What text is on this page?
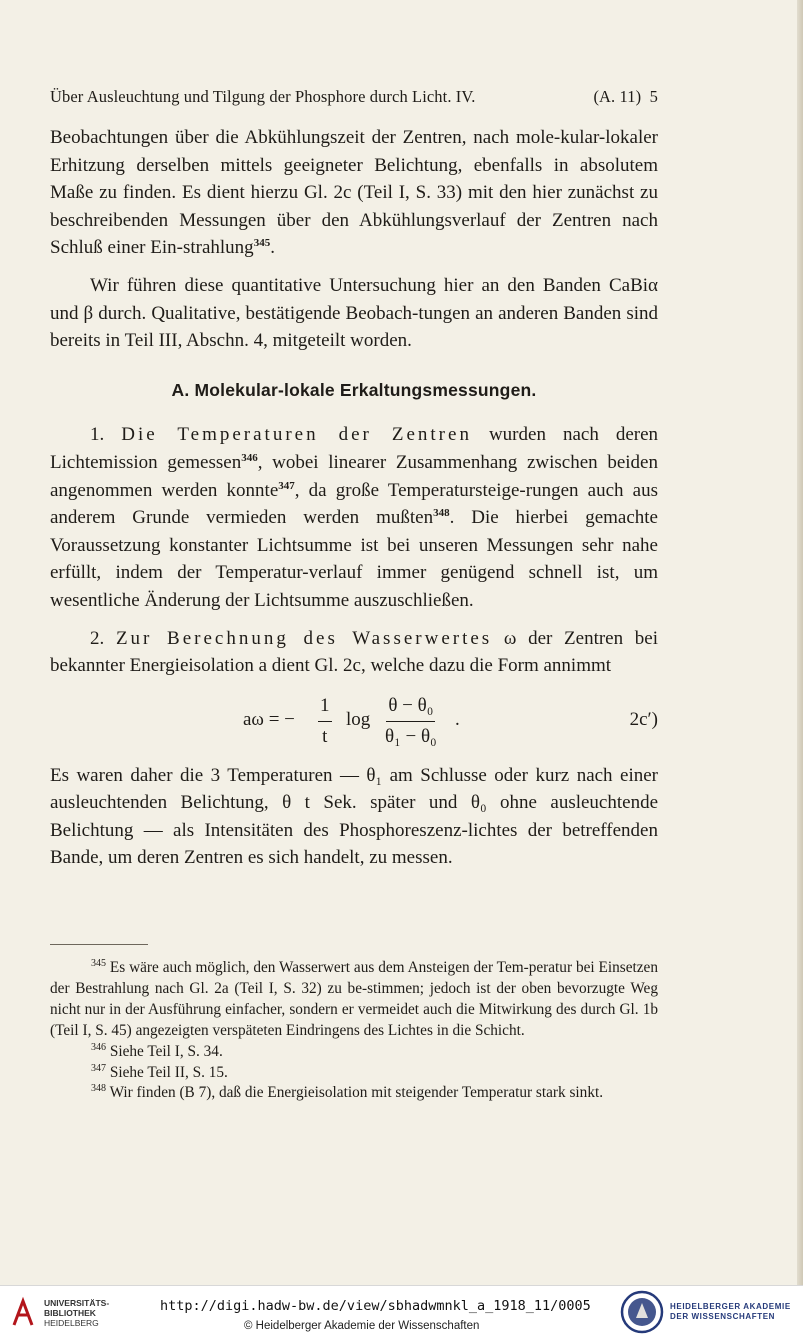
Über Ausleuchtung und Tilgung der Phosphore durch Licht. IV.	(A. 11) 5

Beobachtungen über die Abkühlungszeit der Zentren, nach mole-kular-lokaler Erhitzung derselben mittels geeigneter Belichtung, ebenfalls in absolutem Maße zu finden. Es dient hierzu Gl. 2c (Teil I, S. 33) mit den hier zunächst zu beschreibenden Messungen über den Abkühlungsverlauf der Zentren nach Schluß einer Ein-strahlung$^{345}$.

Wir führen diese quantitative Untersuchung hier an den Banden CaBiα und β durch. Qualitative, bestätigende Beobach-tungen an anderen Banden sind bereits in Teil III, Abschn. 4, mitgeteilt worden.

A. Molekular-lokale Erkaltungsmessungen.

1. Die Temperaturen der Zentren wurden nach deren Lichtemission gemessen$^{346}$, wobei linearer Zusammenhang zwischen beiden angenommen werden konnte$^{347}$, da große Temperatursteige-rungen auch aus anderem Grunde vermieden werden mußten$^{348}$. Die hierbei gemachte Voraussetzung konstanter Lichtsumme ist bei unseren Messungen sehr nahe erfüllt, indem der Temperatur-verlauf immer genügend schnell ist, um wesentliche Änderung der Lichtsumme auszuschließen.

2. Zur Berechnung des Wasserwertes ω der Zentren bei bekannter Energieisolation a dient Gl. 2c, welche dazu die Form annimmt

aω = − $\frac{1}{t}$ $\log \frac{\text{θ − θ₀}}{\text{θ₁ − θ₀}}$ .	2c′)

Es waren daher die 3 Temperaturen — θ₁ am Schlusse oder kurz nach einer ausleuchtenden Belichtung, θ t Sek. später und θ₀ ohne ausleuchtende Belichtung — als Intensitäten des Phosphoreszenz-lichtes der betreffenden Bande, um deren Zentren es sich handelt, zu messen.

$^{345}$ Es wäre auch möglich, den Wasserwert aus dem Ansteigen der Tem-peratur bei Einsetzen der Bestrahlung nach Gl. 2a (Teil I, S. 32) zu be-stimmen; jedoch ist der oben bevorzugte Weg nicht nur in der Ausführung einfacher, sondern er vermeidet auch die Mitwirkung des durch Gl. 1b (Teil I, S. 45) angezeigten verspäteten Eindringens des Lichtes in die Schicht.

$^{346}$ Siehe Teil I, S. 34.

$^{347}$ Siehe Teil II, S. 15.

$^{348}$ Wir finden (B 7), daß die Energieisolation mit steigender Temperatur stark sinkt.

UNIVERSITÄTS-
BIBLIOTHEK
HEIDELBERG
http://digi.hadw-bw.de/view/sbhadwmnkl_a_1918_11/0005
© Heidelberger Akademie der Wissenschaften
HEIDELBERGER AKADEMIE
DER WISSENSCHAFTEN
